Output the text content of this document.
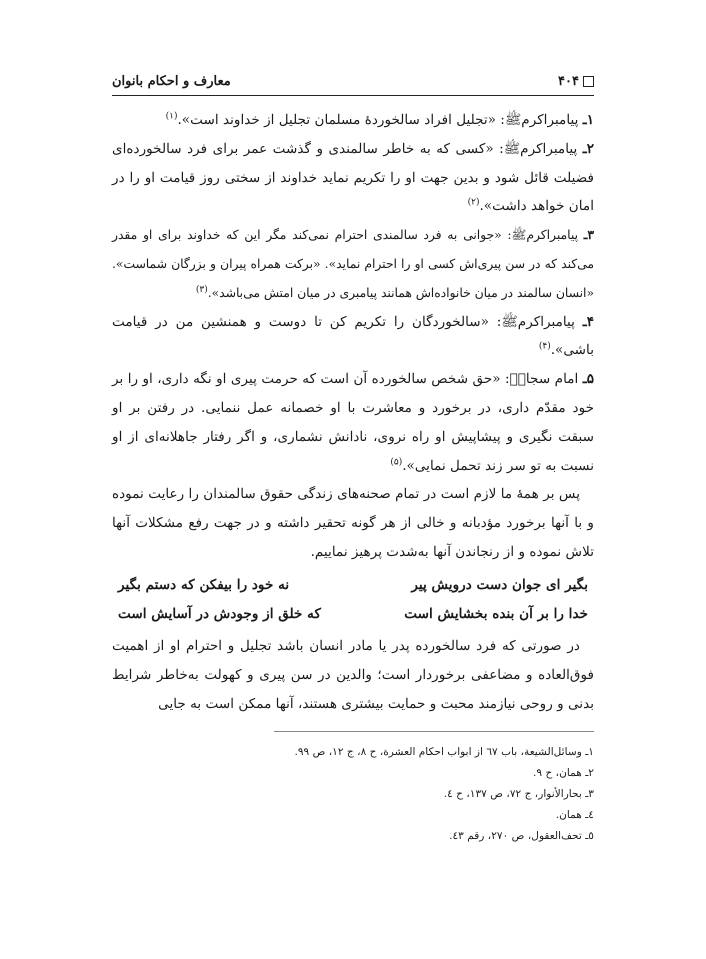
۴۰۴
معارف و احکام بانوان

۱ـ پیامبراکرمﷺ: «تجلیل افراد سالخوردهٔ مسلمان تجلیل از خداوند است».$^{(۱)}$

۲ـ پیامبراکرمﷺ: «کسی که به خاطر سالمندی و گذشت عمر برای فرد سالخورده‌ای فضیلت قائل شود و بدین جهت او را تکریم نماید خداوند از سختی روز قیامت او را در امان خواهد داشت».$^{(۲)}$

۳ـ پیامبراکرمﷺ: «جوانی به فرد سالمندی احترام نمی‌کند مگر این که خداوند برای او مقدر می‌کند که در سن پیری‌اش کسی او را احترام نماید». «برکت همراه پیران و بزرگان شماست». «انسان سالمند در میان خانواده‌اش همانند پیامبری در میان امتش می‌باشد».$^{(۳)}$

۴ـ پیامبراکرمﷺ: «سالخوردگان را تکریم کن تا دوست و همنشین من در قیامت باشی».$^{(۴)}$

۵ـ امام سجادؑ: «حق شخص سالخورده آن است که حرمت پیری او نگه داری، او را بر خود مقدّم داری، در برخورد و معاشرت با او خصمانه عمل ننمایی. در رفتن بر او سبقت نگیری و پیشاپیش او راه نروی، نادانش نشماری، و اگر رفتار جاهلانه‌ای از او نسبت به تو سر زند تحمل نمایی».$^{(۵)}$

پس بر همهٔ ما لازم است در تمام صحنه‌های زندگی حقوق سالمندان را رعایت نموده و با آنها برخورد مؤدبانه و خالی از هر گونه تحقیر داشته و در جهت رفع مشکلات آنها تلاش نموده و از رنجاندن آنها به‌شدت پرهیز نماییم.

بگیر ای جوان دست درویش پیر
نه خود را بیفکن که دستم بگیر
خدا را بر آن بنده بخشایش است
که خلق از وجودش در آسایش است

در صورتی که فرد سالخورده پدر یا مادر انسان باشد تجلیل و احترام او از اهمیت فوق‌العاده و مضاعفی برخوردار است؛ والدین در سن پیری و کهولت به‌خاطر شرایط بدنی و روحی نیازمند محبت و حمایت بیشتری هستند، آنها ممکن است به جایی

۱ـ وسائل‌الشیعة، باب ٦٧ از ابواب احکام العشرة، ح ٨، ج ١٢، ص ٩٩.
۲ـ همان، ح ٩.
۳ـ بحارالأنوار، ج ٧٢، ص ١٣٧، ح ٤.
٤ـ همان.
٥ـ تحف‌العقول، ص ٢٧٠، رقم ٤٣.
